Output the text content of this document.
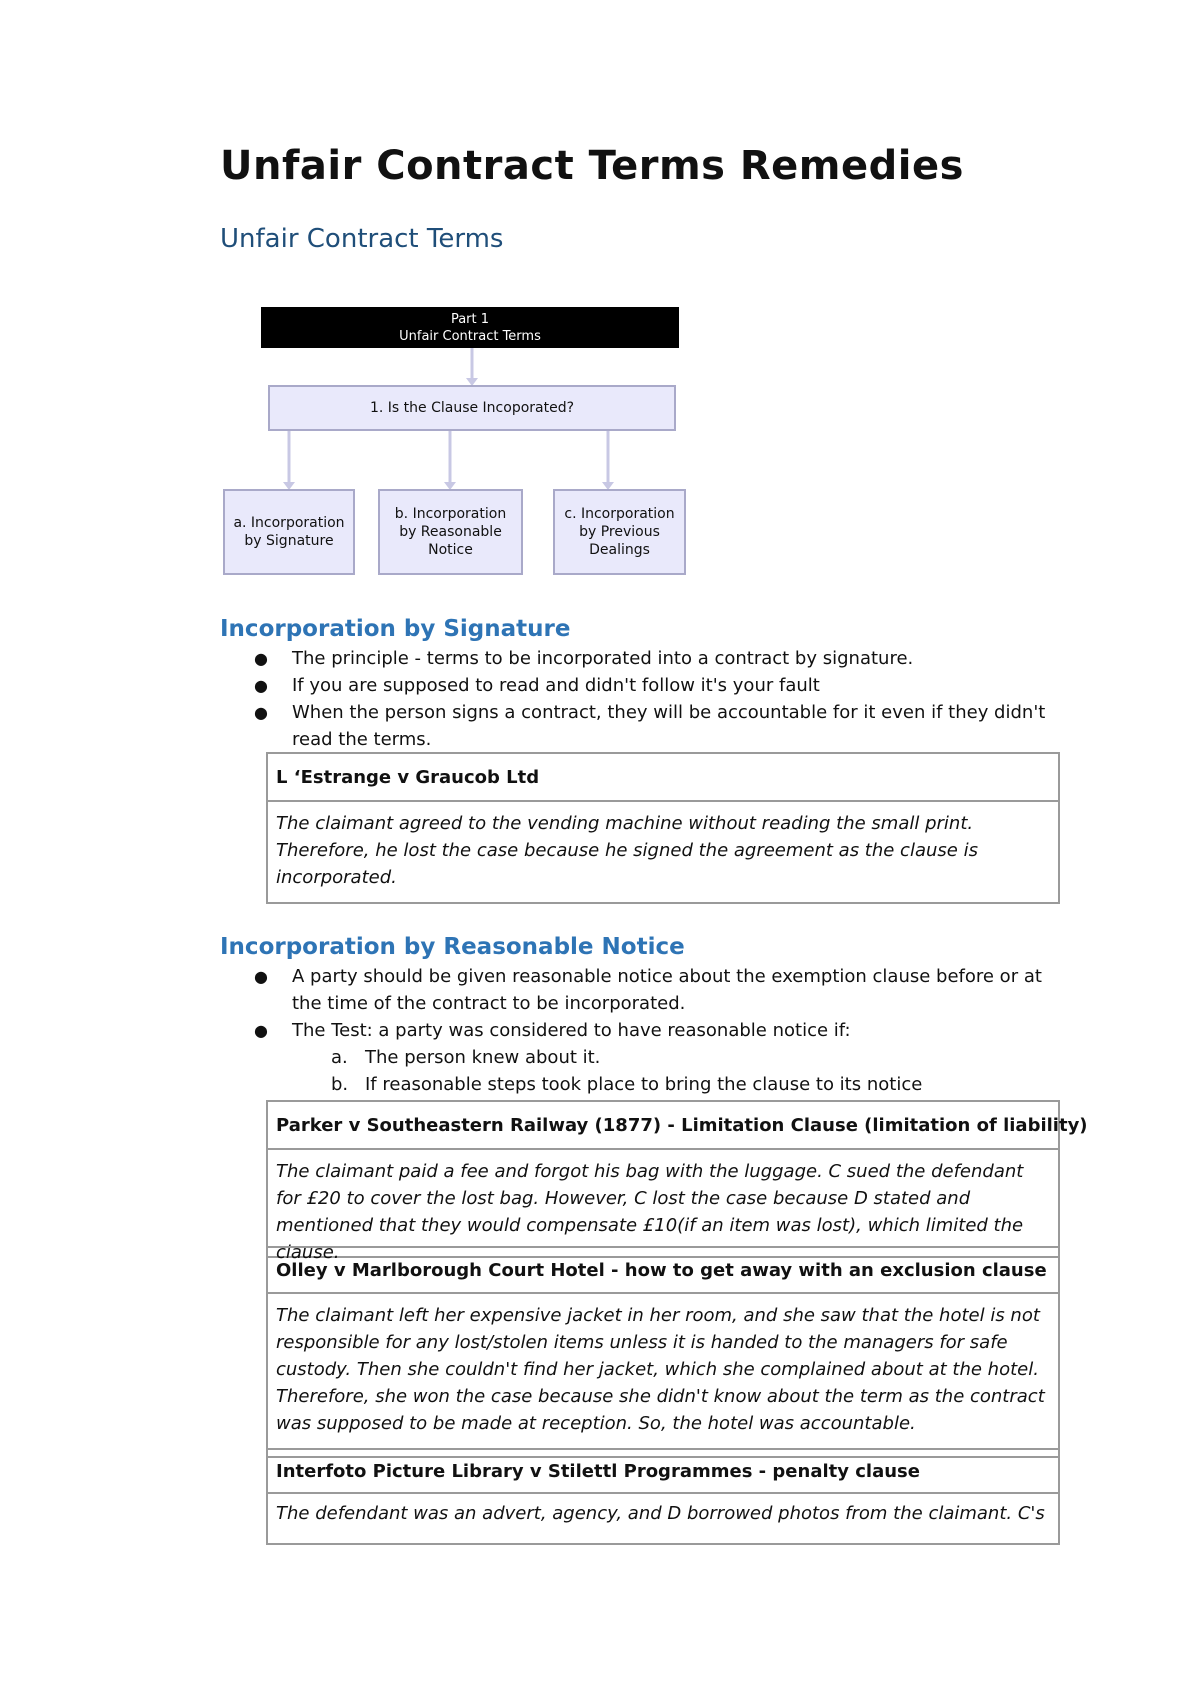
Unfair Contract Terms Remedies
Unfair Contract Terms
Part 1
Unfair Contract Terms
1. Is the Clause Incoporated?
a. Incorporation
by Signature
b. Incorporation
by Reasonable
Notice
c. Incorporation
by Previous
Dealings
Incorporation by Signature
● The principle - terms to be incorporated into a contract by signature.
● If you are supposed to read and didn't follow it's your fault
● When the person signs a contract, they will be accountable for it even if they didn't read the terms.
L ‘Estrange v Graucob Ltd
The claimant agreed to the vending machine without reading the small print. Therefore, he lost the case because he signed the agreement as the clause is incorporated.
Incorporation by Reasonable Notice
● A party should be given reasonable notice about the exemption clause before or at the time of the contract to be incorporated.
● The Test: a party was considered to have reasonable notice if:
a. The person knew about it.
b. If reasonable steps took place to bring the clause to its notice
Parker v Southeastern Railway (1877) - Limitation Clause (limitation of liability)
The claimant paid a fee and forgot his bag with the luggage. C sued the defendant for £20 to cover the lost bag. However, C lost the case because D stated and mentioned that they would compensate £10(if an item was lost), which limited the clause.
Olley v Marlborough Court Hotel - how to get away with an exclusion clause
The claimant left her expensive jacket in her room, and she saw that the hotel is not responsible for any lost/stolen items unless it is handed to the managers for safe custody. Then she couldn't find her jacket, which she complained about at the hotel. Therefore, she won the case because she didn't know about the term as the contract was supposed to be made at reception. So, the hotel was accountable.
Interfoto Picture Library v Stilettl Programmes - penalty clause
The defendant was an advert, agency, and D borrowed photos from the claimant. C's
